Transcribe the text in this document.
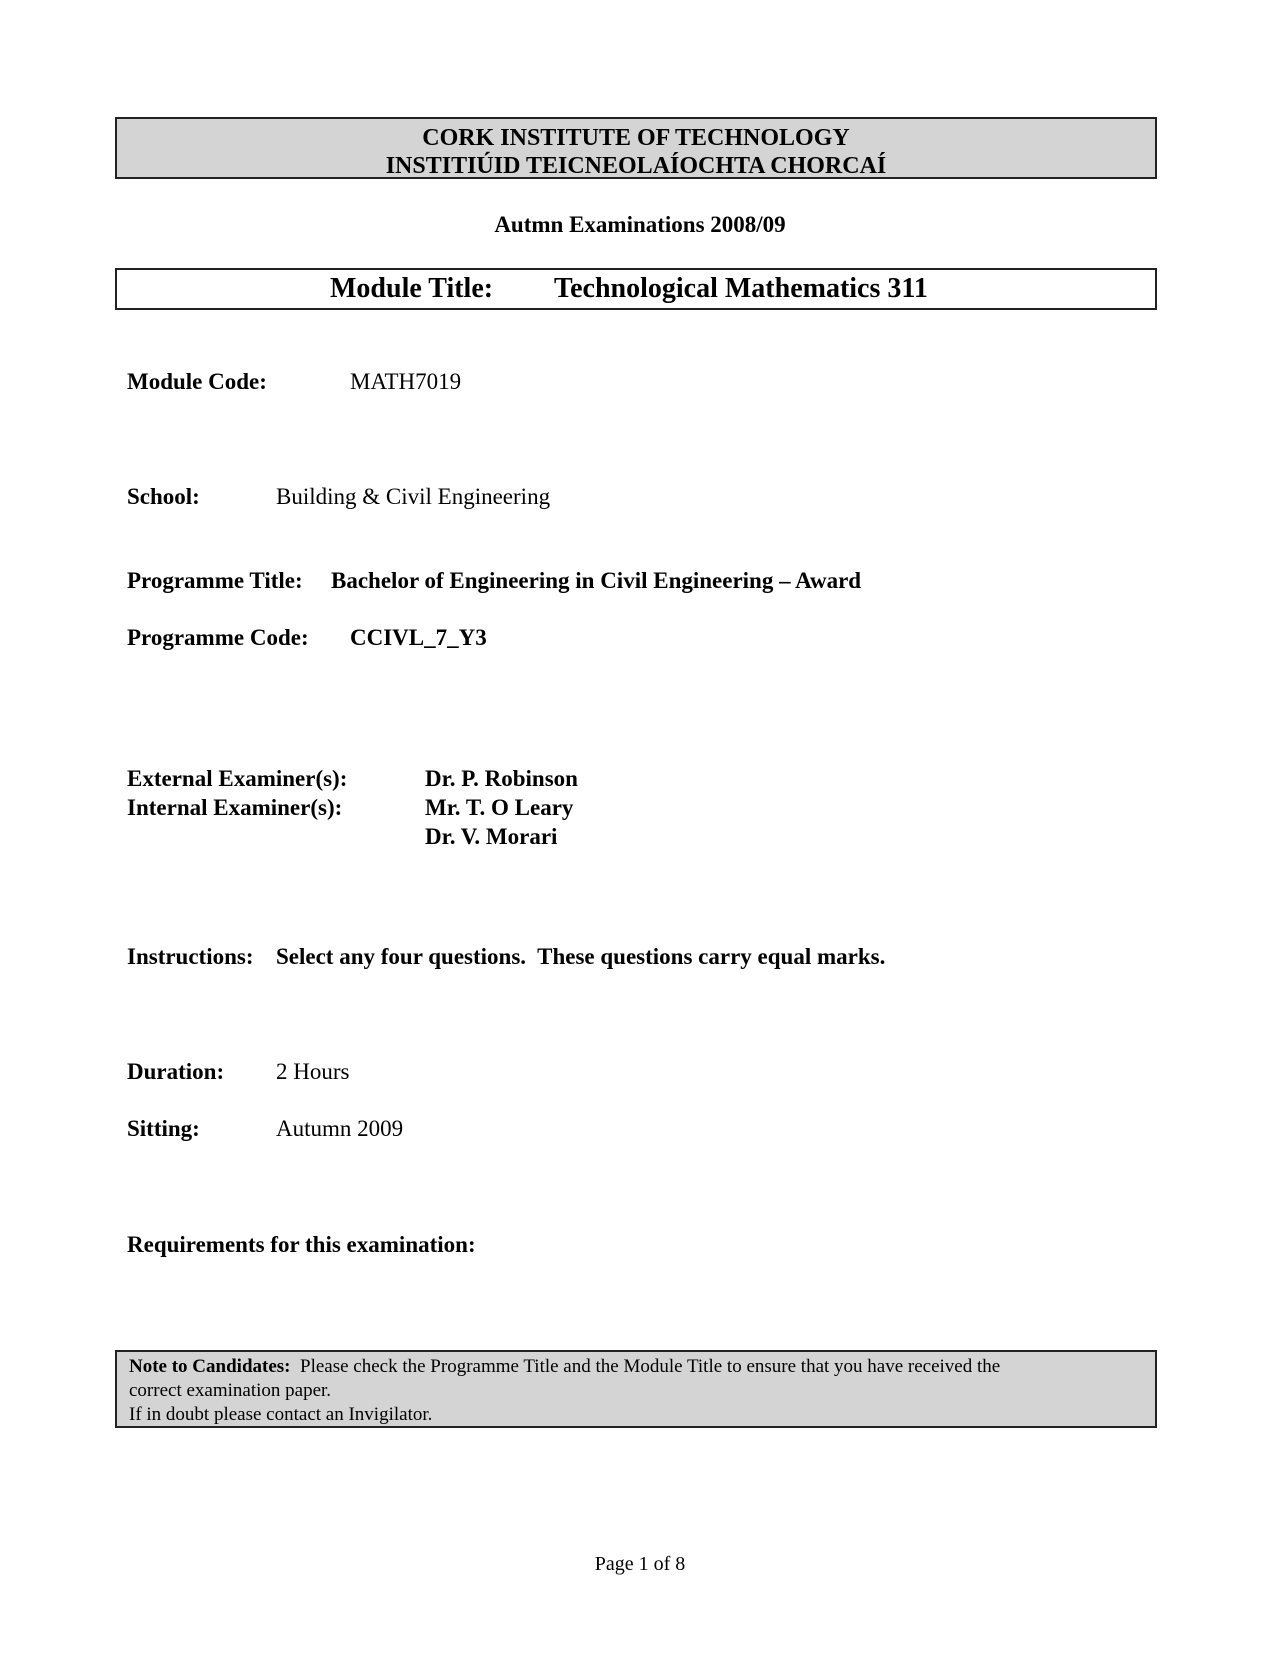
CORK INSTITUTE OF TECHNOLOGY
INSTITIÚID TEICNEOLAÍOCHTA CHORCAÍ
Autmn Examinations 2008/09
Module Title: Technological Mathematics 311
Module Code:	MATH7019
School:	Building & Civil Engineering
Programme Title: Bachelor of Engineering in Civil Engineering – Award
Programme Code: CCIVL_7_Y3
External Examiner(s):	Dr. P. Robinson
Internal Examiner(s):	Mr. T. O Leary
Dr. V. Morari
Instructions: Select any four questions.  These questions carry equal marks.
Duration: 2 Hours
Sitting:	Autumn 2009
Requirements for this examination:
Note to Candidates: Please check the Programme Title and the Module Title to ensure that you have received the
correct examination paper.
If in doubt please contact an Invigilator.
Page 1 of 8
